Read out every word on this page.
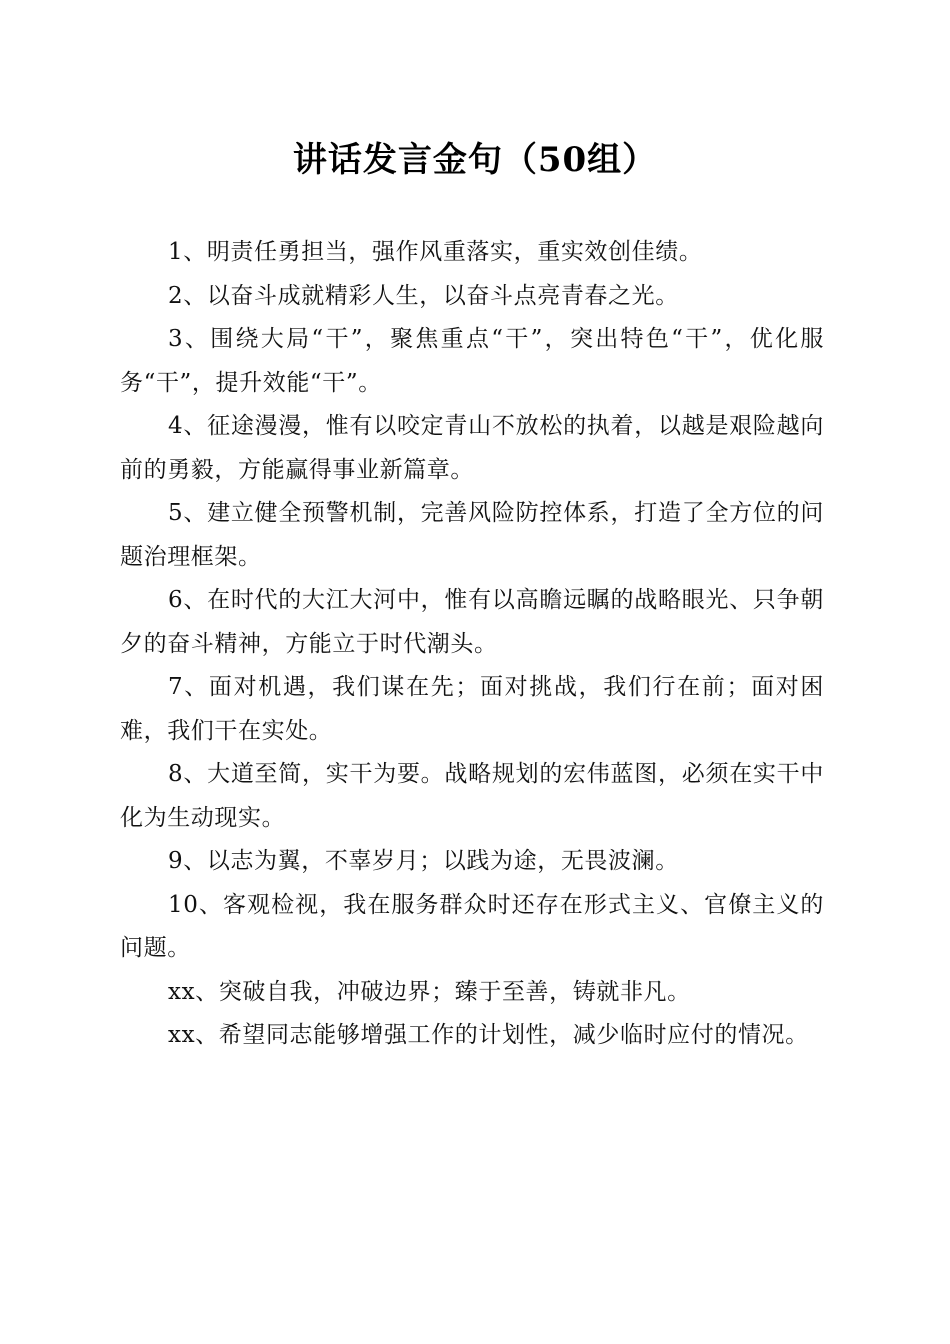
讲话发言金句（50组）

1、明责任勇担当，强作风重落实，重实效创佳绩。

2、以奋斗成就精彩人生，以奋斗点亮青春之光。

3、围绕大局“干”，聚焦重点“干”，突出特色“干”，优化服务“干”，提升效能“干”。

4、征途漫漫，惟有以咬定青山不放松的执着，以越是艰险越向前的勇毅，方能赢得事业新篇章。

5、建立健全预警机制，完善风险防控体系，打造了全方位的问题治理框架。

6、在时代的大江大河中，惟有以高瞻远瞩的战略眼光、只争朝夕的奋斗精神，方能立于时代潮头。

7、面对机遇，我们谋在先；面对挑战，我们行在前；面对困难，我们干在实处。

8、大道至简，实干为要。战略规划的宏伟蓝图，必须在实干中化为生动现实。

9、以志为翼，不辜岁月；以践为途，无畏波澜。

10、客观检视，我在服务群众时还存在形式主义、官僚主义的问题。

xx、突破自我，冲破边界；臻于至善，铸就非凡。

xx、希望同志能够增强工作的计划性，减少临时应付的情况。
